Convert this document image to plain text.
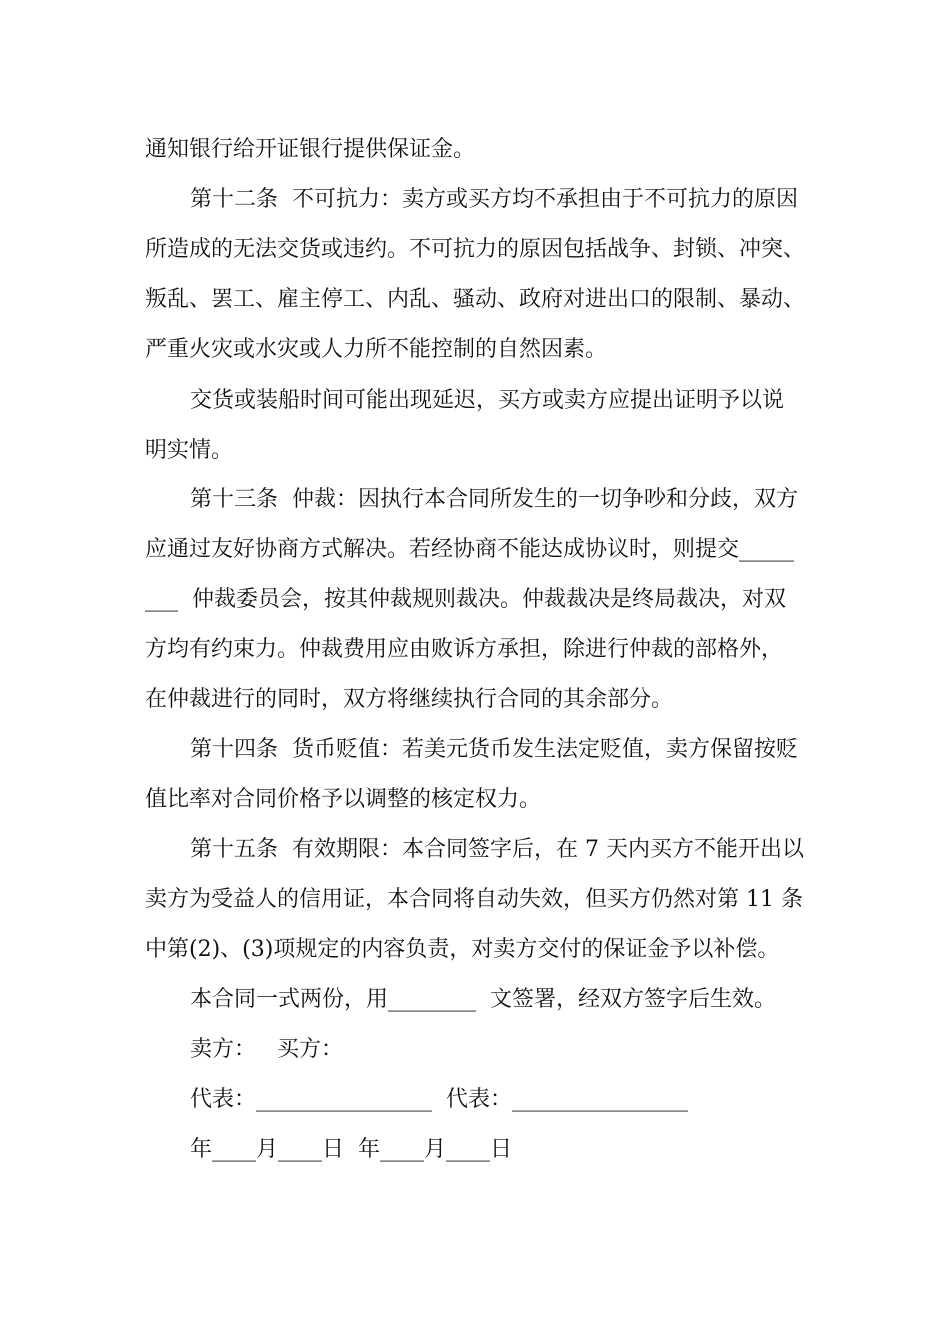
通知银行给开证银行提供保证金。

第十二条  不可抗力：卖方或买方均不承担由于不可抗力的原因

所造成的无法交货或违约。不可抗力的原因包括战争、封锁、冲突、

叛乱、罢工、雇主停工、内乱、骚动、政府对进出口的限制、暴动、

严重火灾或水灾或人力所不能控制的自然因素。

交货或装船时间可能出现延迟，买方或卖方应提出证明予以说

明实情。

第十三条  仲裁：因执行本合同所发生的一切争吵和分歧，双方

应通过友好协商方式解决。若经协商不能达成协议时，则提交_____

___  仲裁委员会，按其仲裁规则裁决。仲裁裁决是终局裁决，对双

方均有约束力。仲裁费用应由败诉方承担，除进行仲裁的部格外，

在仲裁进行的同时，双方将继续执行合同的其余部分。

第十四条  货币贬值：若美元货币发生法定贬值，卖方保留按贬

值比率对合同价格予以调整的核定权力。

第十五条  有效期限：本合同签字后，在 7 天内买方不能开出以

卖方为受益人的信用证，本合同将自动失效，但买方仍然对第 11 条

中第(2)、(3)项规定的内容负责，对卖方交付的保证金予以补偿。

本合同一式两份，用________  文签署，经双方签字后生效。

卖方：   买方：

代表：________________  代表：________________

年____月____日  年____月____日
